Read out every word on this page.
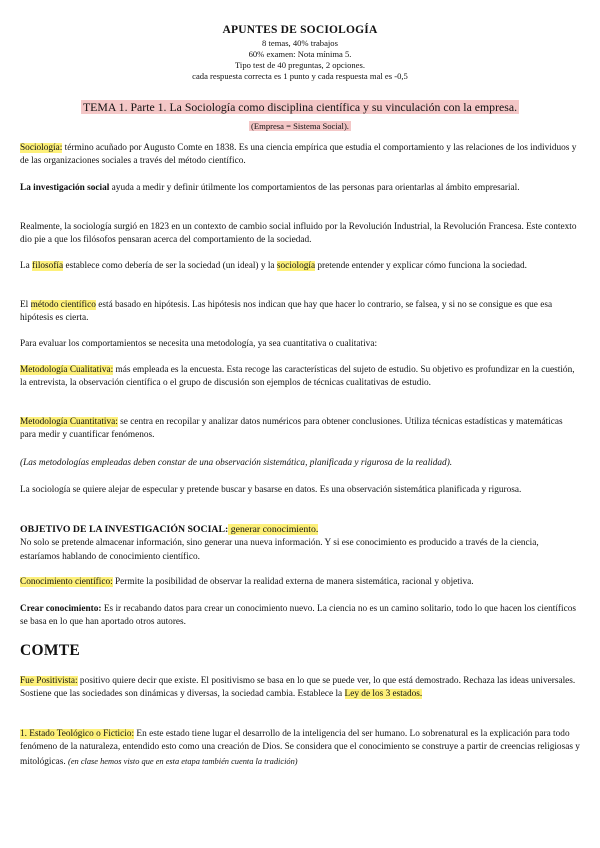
APUNTES DE SOCIOLOGÍA
8 temas, 40% trabajos
60% examen: Nota mínima 5.
Tipo test de 40 preguntas, 2 opciones.
cada respuesta correcta es 1 punto y cada respuesta mal es -0,5
TEMA 1. Parte 1. La Sociología como disciplina científica y su vinculación con la empresa.
(Empresa = Sistema Social).
Sociología: término acuñado por Augusto Comte en 1838. Es una ciencia empírica que estudia el comportamiento y las relaciones de los individuos y de las organizaciones sociales a través del método científico.
La investigación social ayuda a medir y definir útilmente los comportamientos de las personas para orientarlas al ámbito empresarial.
Realmente, la sociología surgió en 1823 en un contexto de cambio social influido por la Revolución Industrial, la Revolución Francesa. Este contexto dio pie a que los filósofos pensaran acerca del comportamiento de la sociedad.
La filosofía establece como debería de ser la sociedad (un ideal) y la sociología pretende entender y explicar cómo funciona la sociedad.
El método científico está basado en hipótesis. Las hipótesis nos indican que hay que hacer lo contrario, se falsea, y si no se consigue es que esa hipótesis es cierta.
Para evaluar los comportamientos se necesita una metodología, ya sea cuantitativa o cualitativa:
Metodología Cualitativa: más empleada es la encuesta. Esta recoge las características del sujeto de estudio. Su objetivo es profundizar en la cuestión, la entrevista, la observación científica o el grupo de discusión son ejemplos de técnicas cualitativas de estudio.
Metodología Cuantitativa: se centra en recopilar y analizar datos numéricos para obtener conclusiones. Utiliza técnicas estadísticas y matemáticas para medir y cuantificar fenómenos.
(Las metodologías empleadas deben constar de una observación sistemática, planificada y rigurosa de la realidad).
La sociología se quiere alejar de especular y pretende buscar y basarse en datos. Es una observación sistemática planificada y rigurosa.
OBJETIVO DE LA INVESTIGACIÓN SOCIAL: generar conocimiento.
No solo se pretende almacenar información, sino generar una nueva información. Y si ese conocimiento es producido a través de la ciencia, estaríamos hablando de conocimiento científico.
Conocimiento científico: Permite la posibilidad de observar la realidad externa de manera sistemática, racional y objetiva.
Crear conocimiento: Es ir recabando datos para crear un conocimiento nuevo. La ciencia no es un camino solitario, todo lo que hacen los científicos se basa en lo que han aportado otros autores.
COMTE
Fue Positivista: positivo quiere decir que existe. El positivismo se basa en lo que se puede ver, lo que está demostrado. Rechaza las ideas universales.
Sostiene que las sociedades son dinámicas y diversas, la sociedad cambia. Establece la Ley de los 3 estados.
1. Estado Teológico o Ficticio: En este estado tiene lugar el desarrollo de la inteligencia del ser humano. Lo sobrenatural es la explicación para todo fenómeno de la naturaleza, entendido esto como una creación de Dios. Se considera que el conocimiento se construye a partir de creencias religiosas y mitológicas. (en clase hemos visto que en esta etapa también cuenta la tradición)
